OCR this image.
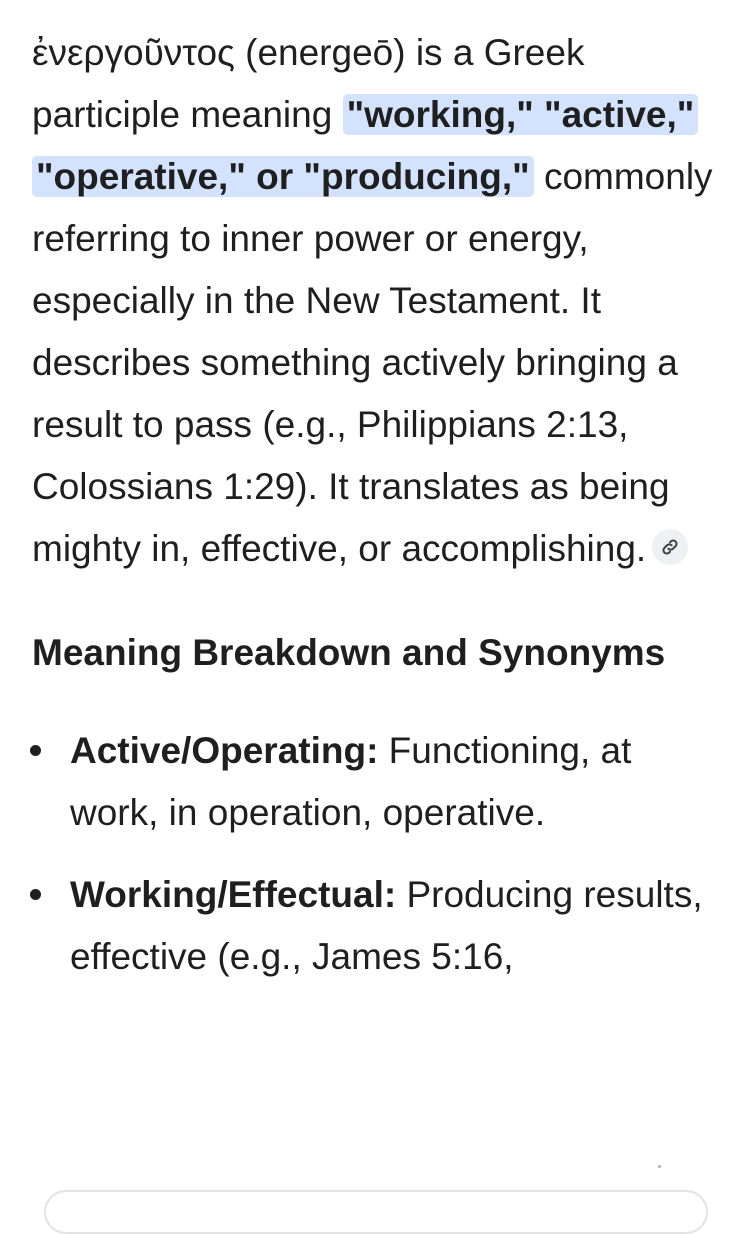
ἐνεργοῦντος (energeō) is a Greek participle meaning "working," "active," "operative," or "producing," commonly referring to inner power or energy, especially in the New Testament. It describes something actively bringing a result to pass (e.g., Philippians 2:13, Colossians 1:29). It translates as being mighty in, effective, or accomplishing.

Meaning Breakdown and Synonyms
Active/Operating: Functioning, at work, in operation, operative.
Working/Effectual: Producing results, effective (e.g., James 5:16,
